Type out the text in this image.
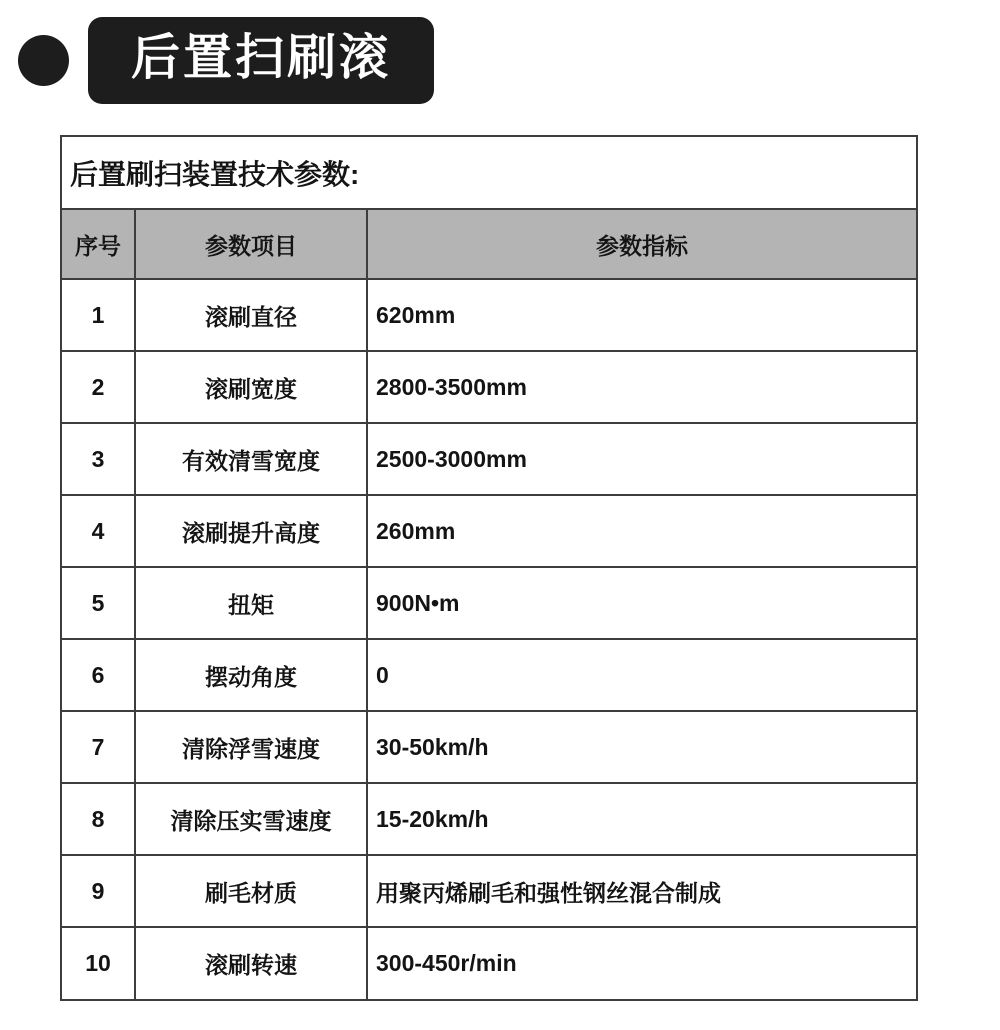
后置扫刷滚
后置刷扫装置技术参数:
序号	参数项目	参数指标
1	滚刷直径	620mm
2	滚刷宽度	2800-3500mm
3	有效清雪宽度	2500-3000mm
4	滚刷提升高度	260mm
5	扭矩	900N•m
6	摆动角度	0
7	清除浮雪速度	30-50km/h
8	清除压实雪速度	15-20km/h
9	刷毛材质	用聚丙烯刷毛和强性钢丝混合制成
10	滚刷转速	300-450r/min
